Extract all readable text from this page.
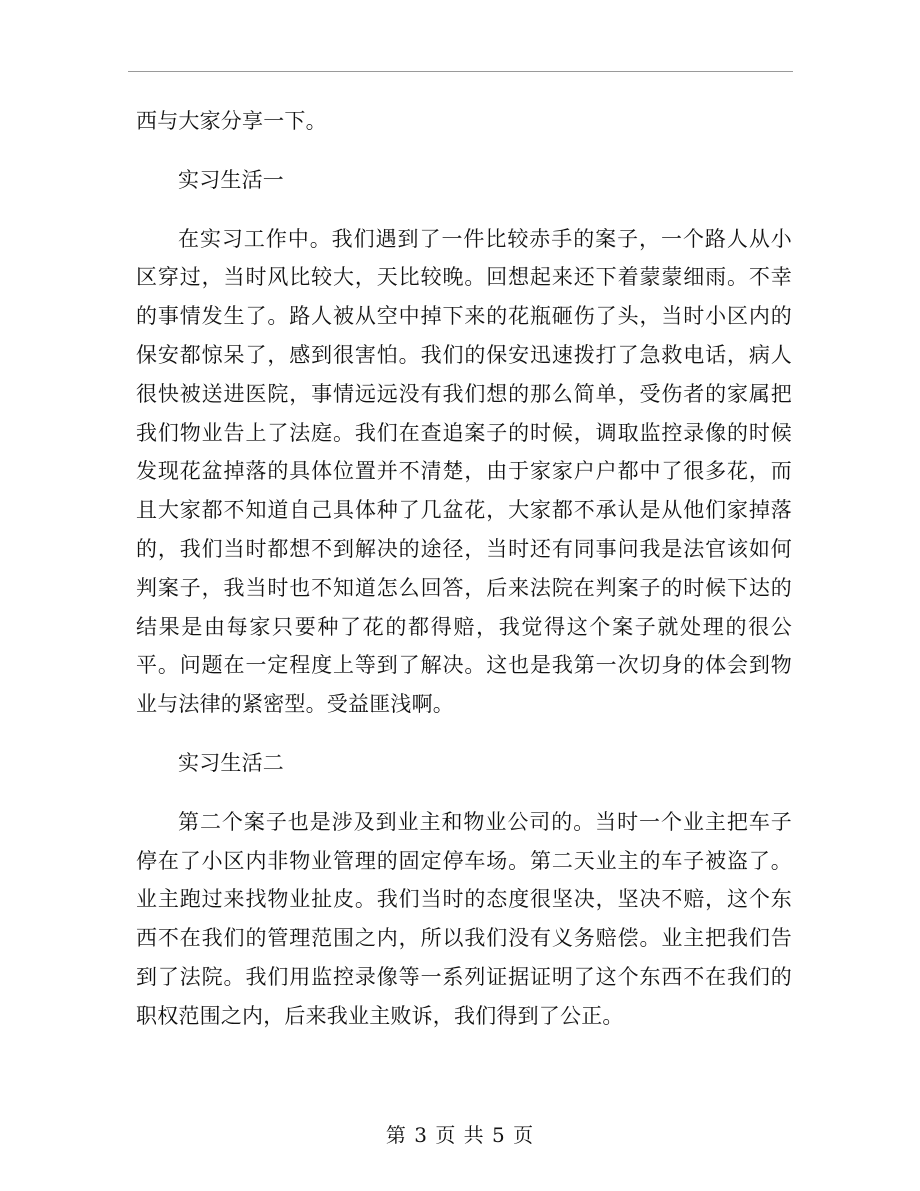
西与大家分享一下。

实习生活一

在实习工作中。我们遇到了一件比较赤手的案子，一个路人从小区穿过，当时风比较大，天比较晚。回想起来还下着蒙蒙细雨。不幸的事情发生了。路人被从空中掉下来的花瓶砸伤了头，当时小区内的保安都惊呆了，感到很害怕。我们的保安迅速拨打了急救电话，病人很快被送进医院，事情远远没有我们想的那么简单，受伤者的家属把我们物业告上了法庭。我们在查追案子的时候，调取监控录像的时候发现花盆掉落的具体位置并不清楚，由于家家户户都中了很多花，而且大家都不知道自己具体种了几盆花，大家都不承认是从他们家掉落的，我们当时都想不到解决的途径，当时还有同事问我是法官该如何判案子，我当时也不知道怎么回答，后来法院在判案子的时候下达的结果是由每家只要种了花的都得赔，我觉得这个案子就处理的很公平。问题在一定程度上等到了解决。这也是我第一次切身的体会到物业与法律的紧密型。受益匪浅啊。

实习生活二

第二个案子也是涉及到业主和物业公司的。当时一个业主把车子停在了小区内非物业管理的固定停车场。第二天业主的车子被盗了。业主跑过来找物业扯皮。我们当时的态度很坚决，坚决不赔，这个东西不在我们的管理范围之内，所以我们没有义务赔偿。业主把我们告到了法院。我们用监控录像等一系列证据证明了这个东西不在我们的职权范围之内，后来我业主败诉，我们得到了公正。

第 3 页 共 5 页
